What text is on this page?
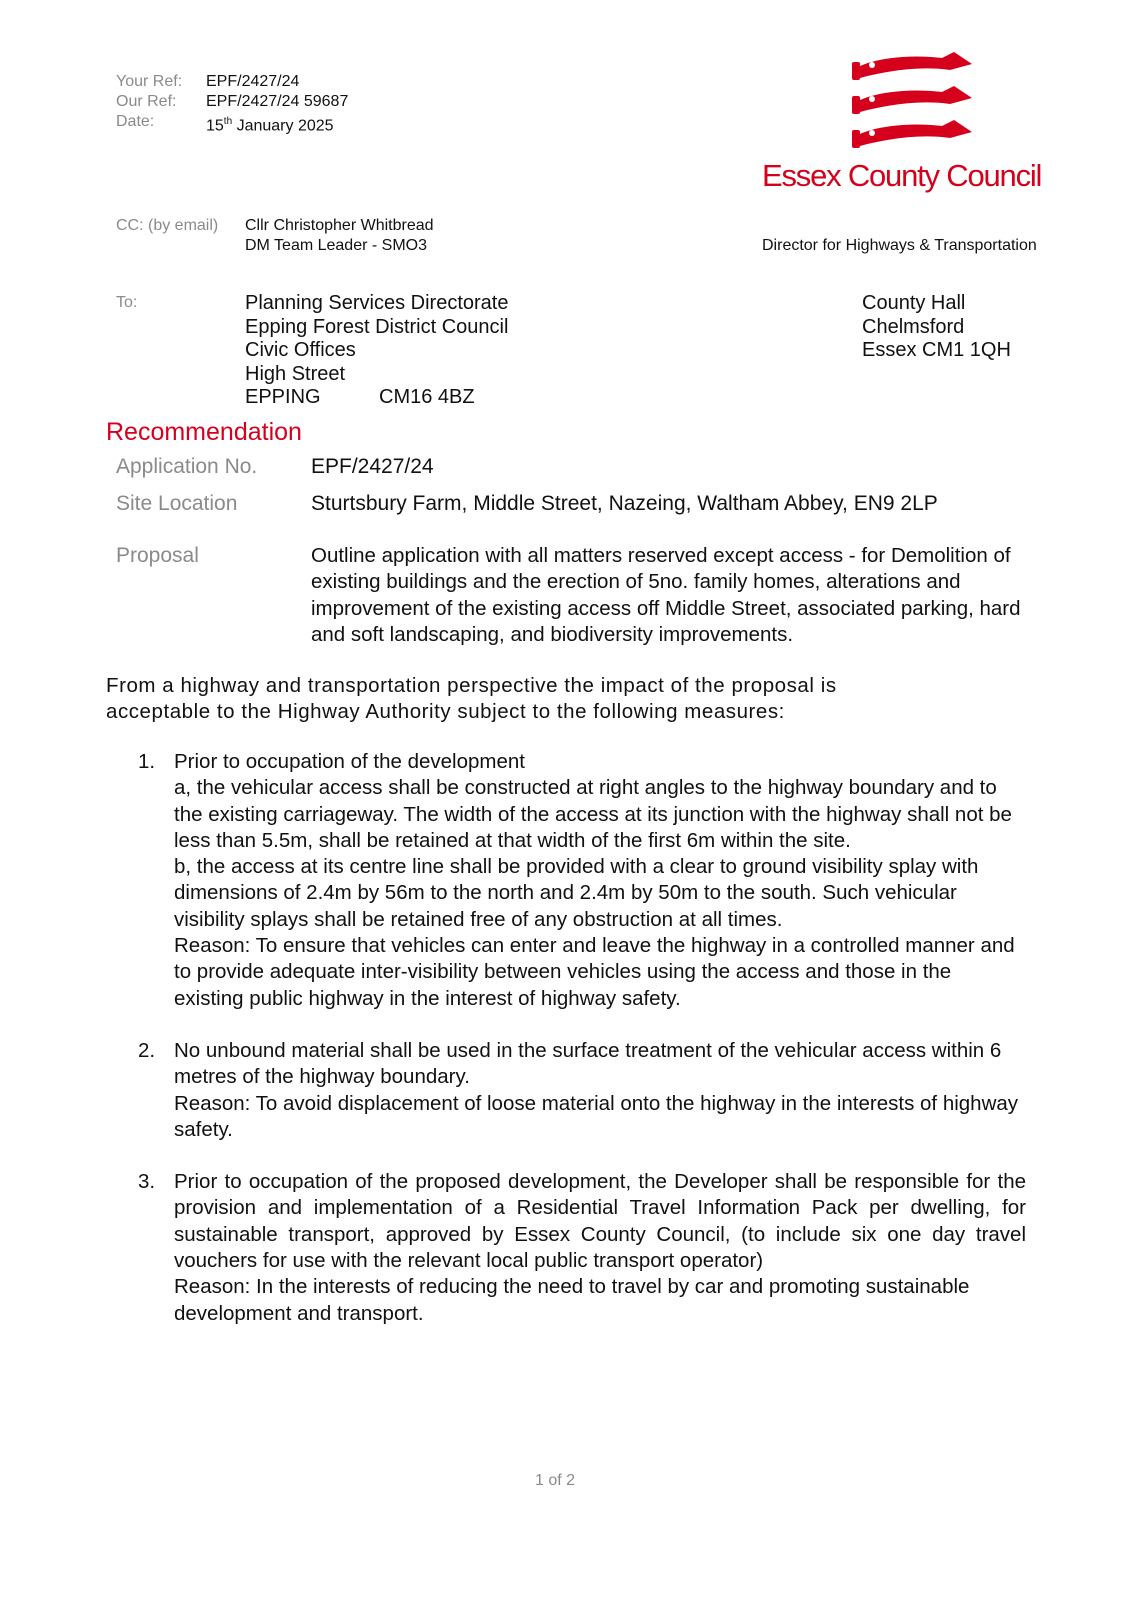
Your Ref:	EPF/2427/24
Our Ref:	EPF/2427/24 59687
Date:	15th January 2025
Essex County Council
CC: (by email) Cllr Christopher Whitbread
DM Team Leader - SMO3	Director for Highways & Transportation
To:	Planning Services Directorate
Epping Forest District Council
Civic Offices
High Street
EPPING	CM16 4BZ
County Hall
Chelmsford
Essex CM1 1QH
Recommendation
Application No.	EPF/2427/24
Site Location	Sturtsbury Farm, Middle Street, Nazeing, Waltham Abbey, EN9 2LP
Proposal	Outline application with all matters reserved except access - for Demolition of existing buildings and the erection of 5no. family homes, alterations and improvement of the existing access off Middle Street, associated parking, hard and soft landscaping, and biodiversity improvements.
From a highway and transportation perspective the impact of the proposal is acceptable to the Highway Authority subject to the following measures:
1. Prior to occupation of the development

a, the vehicular access shall be constructed at right angles to the highway boundary and to the existing carriageway. The width of the access at its junction with the highway shall not be less than 5.5m, shall be retained at that width of the first 6m within the site.

b, the access at its centre line shall be provided with a clear to ground visibility splay with dimensions of 2.4m by 56m to the north and 2.4m by 50m to the south. Such vehicular visibility splays shall be retained free of any obstruction at all times.

Reason: To ensure that vehicles can enter and leave the highway in a controlled manner and to provide adequate inter-visibility between vehicles using the access and those in the existing public highway in the interest of highway safety.

2. No unbound material shall be used in the surface treatment of the vehicular access within 6 metres of the highway boundary.

Reason: To avoid displacement of loose material onto the highway in the interests of highway safety.

3. Prior to occupation of the proposed development, the Developer shall be responsible for the provision and implementation of a Residential Travel Information Pack per dwelling, for sustainable transport, approved by Essex County Council, (to include six one day travel vouchers for use with the relevant local public transport operator)

Reason: In the interests of reducing the need to travel by car and promoting sustainable development and transport.

1 of 2
